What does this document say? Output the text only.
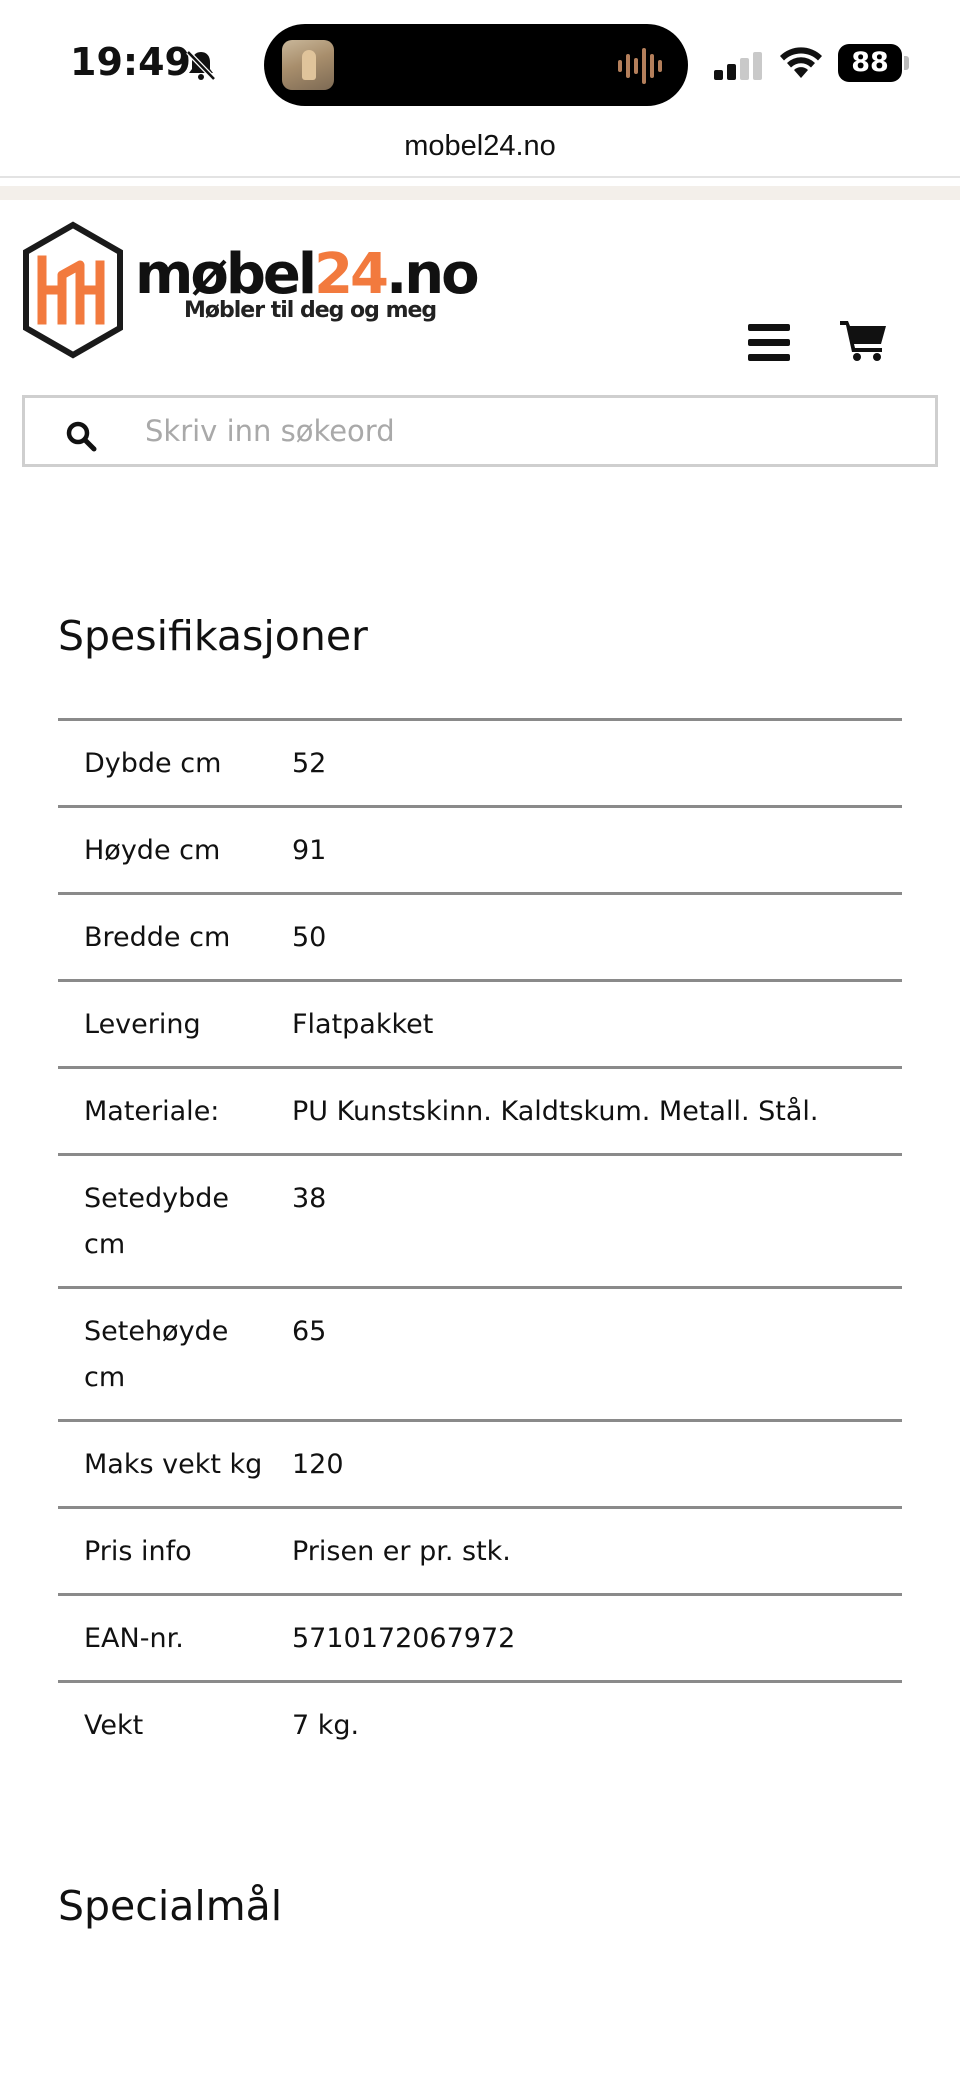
19:49	88
mobel24.no
møbel24.no
Møbler til deg og meg
Skriv inn søkeord
Spesifikasjoner
Dybde cm	52
Høyde cm	91
Bredde cm	50
Levering	Flatpakket
Materiale:	PU Kunstskinn. Kaldtskum. Metall. Stål.
Setedybde cm	38
Setehøyde cm	65
Maks vekt kg	120
Pris info	Prisen er pr. stk.
EAN-nr.	5710172067972
Vekt	7 kg.
Specialmål
